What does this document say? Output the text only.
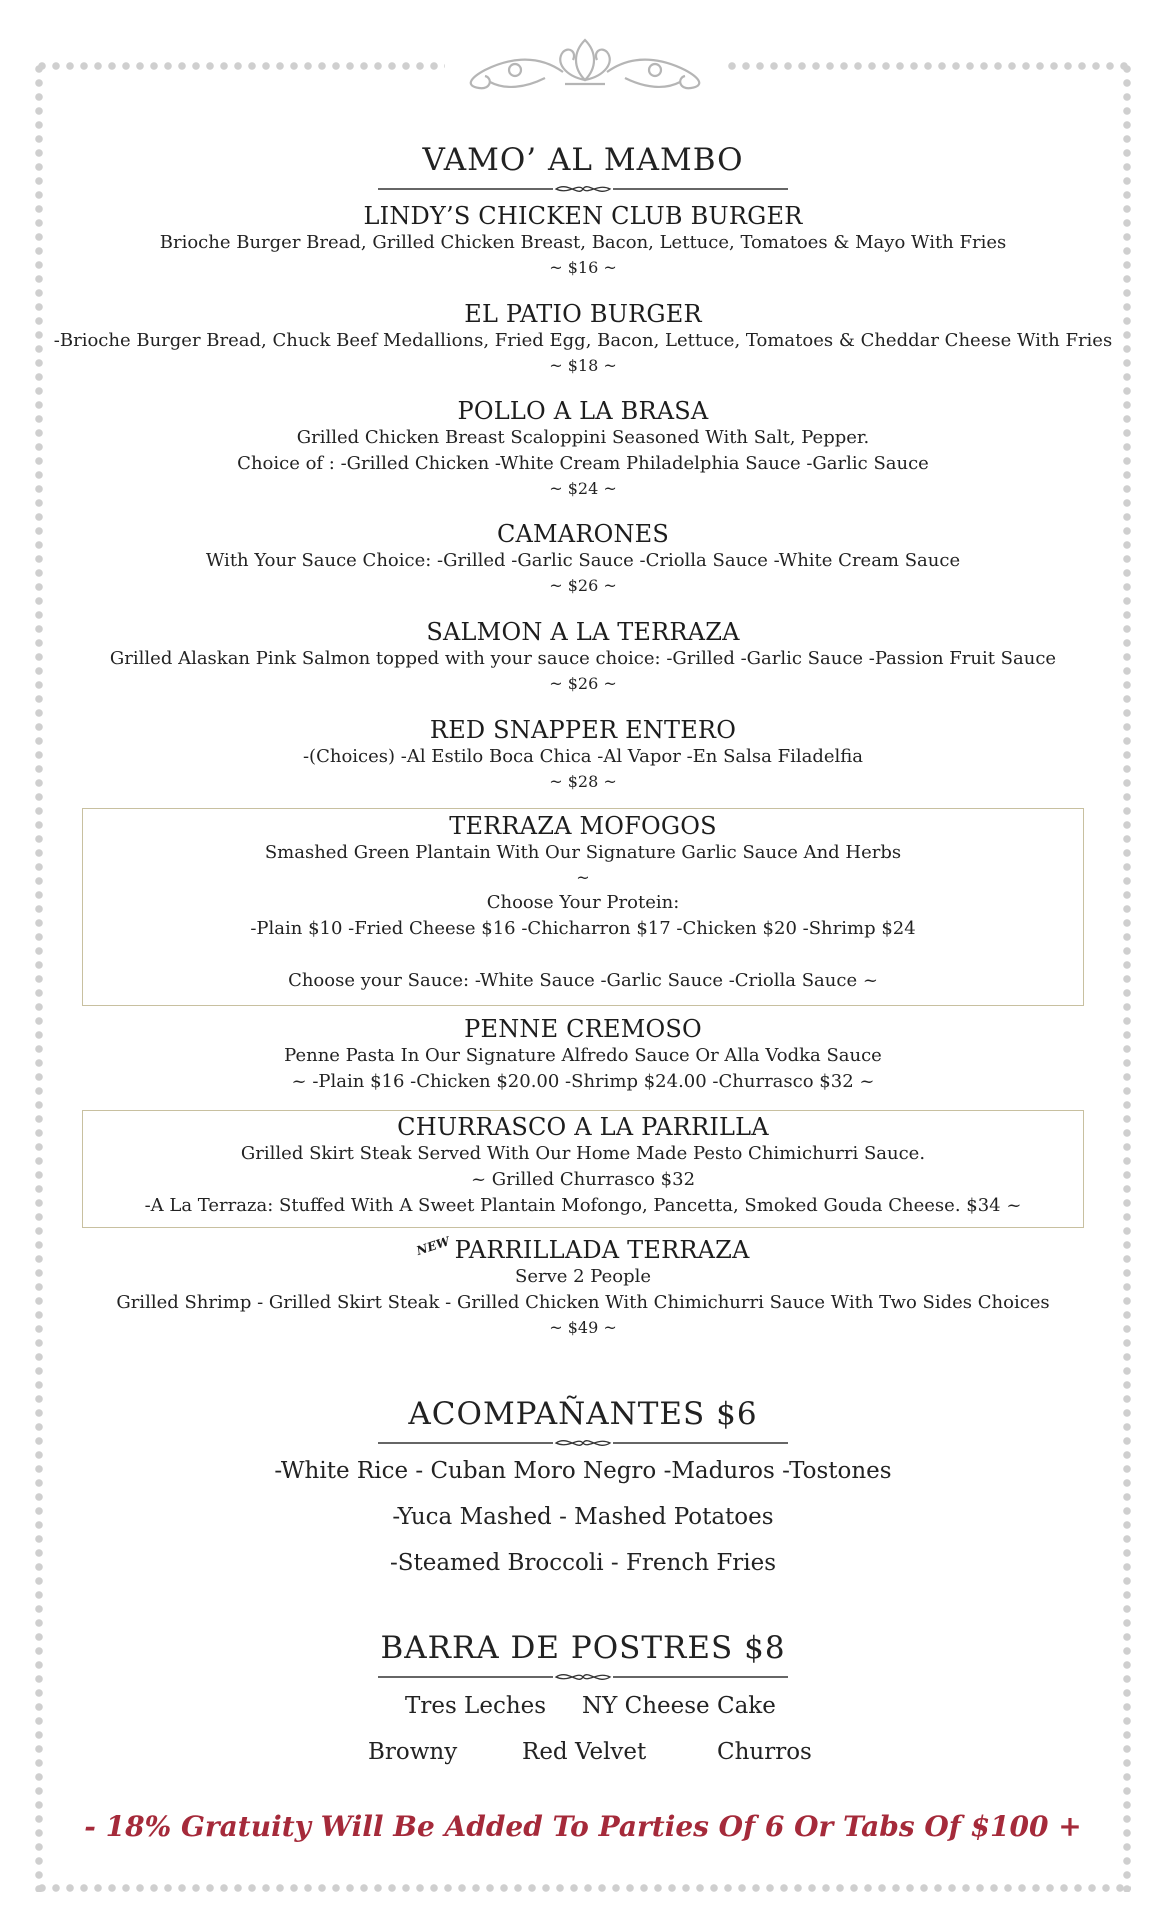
VAMO’ AL MAMBO
LINDY’S CHICKEN CLUB BURGER
Brioche Burger Bread, Grilled Chicken Breast, Bacon, Lettuce, Tomatoes & Mayo With Fries
~ $16 ~
EL PATIO BURGER
-Brioche Burger Bread, Chuck Beef Medallions, Fried Egg, Bacon, Lettuce, Tomatoes & Cheddar Cheese With Fries
~ $18 ~
POLLO A LA BRASA
Grilled Chicken Breast Scaloppini Seasoned With Salt, Pepper.
Choice of : -Grilled Chicken -White Cream Philadelphia Sauce -Garlic Sauce
~ $24 ~
CAMARONES
With Your Sauce Choice: -Grilled -Garlic Sauce -Criolla Sauce -White Cream Sauce
~ $26 ~
SALMON A LA TERRAZA
Grilled Alaskan Pink Salmon topped with your sauce choice: -Grilled -Garlic Sauce -Passion Fruit Sauce
~ $26 ~
RED SNAPPER ENTERO
-(Choices) -Al Estilo Boca Chica -Al Vapor -En Salsa Filadelfia
~ $28 ~
TERRAZA MOFOGOS
Smashed Green Plantain With Our Signature Garlic Sauce And Herbs
~
Choose Your Protein:
-Plain $10 -Fried Cheese $16 -Chicharron $17 -Chicken $20 -Shrimp $24
Choose your Sauce: -White Sauce -Garlic Sauce -Criolla Sauce ~
PENNE CREMOSO
Penne Pasta In Our Signature Alfredo Sauce Or Alla Vodka Sauce
~ -Plain $16 -Chicken $20.00 -Shrimp $24.00 -Churrasco $32 ~
CHURRASCO A LA PARRILLA
Grilled Skirt Steak Served With Our Home Made Pesto Chimichurri Sauce.
~ Grilled Churrasco $32
-A La Terraza: Stuffed With A Sweet Plantain Mofongo, Pancetta, Smoked Gouda Cheese. $34 ~
NEW PARRILLADA TERRAZA
Serve 2 People
Grilled Shrimp - Grilled Skirt Steak - Grilled Chicken With Chimichurri Sauce With Two Sides Choices
~ $49 ~
ACOMPAÑANTES $6
-White Rice - Cuban Moro Negro -Maduros -Tostones
-Yuca Mashed - Mashed Potatoes
-Steamed Broccoli - French Fries
BARRA DE POSTRES $8
Tres Leches NY Cheese Cake
Browny	Red Velvet	Churros
- 18% Gratuity Will Be Added To Parties Of 6 Or Tabs Of $100 +
